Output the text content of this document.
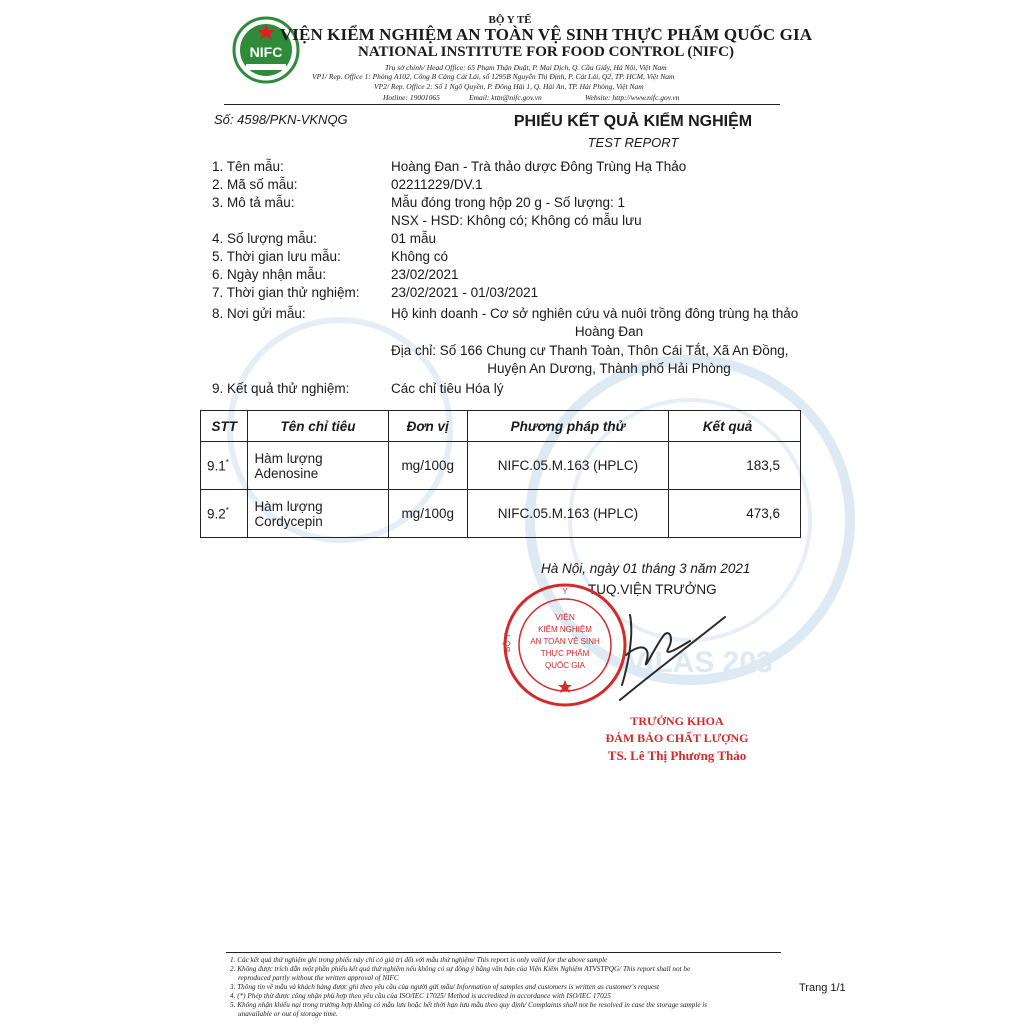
VILAS 203
NIFC
BỘ Y TẾ
VIỆN KIỂM NGHIỆM AN TOÀN VỆ SINH THỰC PHẨM QUỐC GIA
NATIONAL INSTITUTE FOR FOOD CONTROL (NIFC)
Trụ sở chính/ Head Office: 65 Phạm Thận Duật, P. Mai Dịch, Q. Cầu Giấy, Hà Nội, Việt Nam
VP1/ Rep. Office 1: Phòng A102, Cổng B Cảng Cát Lái, số 1295B Nguyễn Thị Định, P. Cát Lái, Q2, TP. HCM, Việt Nam
VP2/ Rep. Office 2: Số 1 Ngõ Quyền, P. Đông Hải 1, Q. Hải An, TP. Hải Phòng, Việt Nam
Hotline: 19001065	Email: kttn@nifc.gov.vn	Website: http://www.nifc.gov.vn
Số: 4598/PKN-VKNQG	PHIẾU KẾT QUẢ KIỂM NGHIỆM
TEST REPORT
1. Tên mẫu:	Hoàng Đan - Trà thảo dược Đông Trùng Hạ Thảo
2. Mã số mẫu:	02211229/DV.1
3. Mô tả mẫu:	Mẫu đóng trong hộp 20 g - Số lượng: 1
NSX - HSD: Không có; Không có mẫu lưu
4. Số lượng mẫu:	01 mẫu
5. Thời gian lưu mẫu:	Không có
6. Ngày nhận mẫu:	23/02/2021
7. Thời gian thử nghiệm: 23/02/2021 - 01/03/2021
8. Nơi gửi mẫu:	Hộ kinh doanh - Cơ sở nghiên cứu và nuôi trồng đông trùng hạ thảo
Hoàng Đan
Địa chỉ: Số 166 Chung cư Thanh Toàn, Thôn Cái Tắt, Xã An Đồng,
Huyện An Dương, Thành phố Hải Phòng
9. Kết quả thử nghiệm:	Các chỉ tiêu Hóa lý
STT	Tên chỉ tiêu	Đơn vị	Phương pháp thử	Kết quả
9.1*	Hàm lượng Adenosine	mg/100g	NIFC.05.M.163 (HPLC)	183,5
9.2*	Hàm lượng Cordycepin	mg/100g	NIFC.05.M.163 (HPLC)	473,6
Hà Nội, ngày 01 tháng 3 năm 2021
TUQ.VIỆN TRƯỞNG
Y
BỘ Y
VIỆN
KIỂM NGHIỆM
AN TOÀN VỆ SINH
THỰC PHẨM
QUỐC GIA
TRƯỞNG KHOA
ĐẢM BẢO CHẤT LƯỢNG
TS. Lê Thị Phương Thảo
1. Các kết quả thử nghiệm ghi trong phiếu này chỉ có giá trị đối với mẫu thử nghiệm/ This report is only valid for the above sample
2. Không được trích dẫn một phần phiếu kết quả thử nghiệm nếu không có sự đồng ý bằng văn bản của Viện Kiểm Nghiệm ATVSTPQG/ This report shall not be
reproduced partly without the written approval of NIFC
3. Thông tin về mẫu và khách hàng được ghi theo yêu cầu của người gửi mẫu/ Information of samples and customers is written as customer's request
4. (*) Phép thử được công nhận phù hợp theo yêu cầu của ISO/IEC 17025/ Method is accredited in accordance with ISO/IEC 17025
5. Không nhận khiếu nại trong trường hợp không có mẫu lưu hoặc hết thời hạn lưu mẫu theo quy định/ Complaints shall not be resolved in case the storage sample is
unavailable or out of storage time.
Trang 1/1
